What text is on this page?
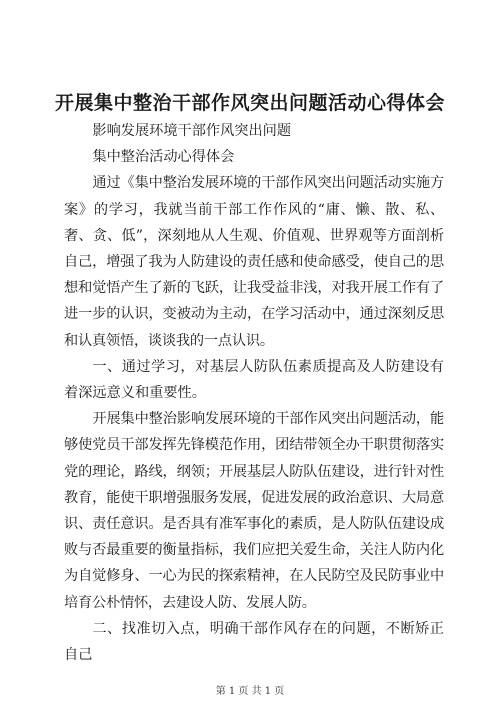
开展集中整治干部作风突出问题活动心得体会

影响发展环境干部作风突出问题

集中整治活动心得体会

通过《集中整治发展环境的干部作风突出问题活动实施方案》的学习，我就当前干部工作作风的“庸、懒、散、私、奢、贪、低”，深刻地从人生观、价值观、世界观等方面剖析自己，增强了我为人防建设的责任感和使命感受，使自己的思想和觉悟产生了新的飞跃，让我受益非浅，对我开展工作有了进一步的认识，变被动为主动，在学习活动中，通过深刻反思和认真领悟，谈谈我的一点认识。

一、通过学习，对基层人防队伍素质提高及人防建设有着深远意义和重要性。

开展集中整治影响发展环境的干部作风突出问题活动，能够使党员干部发挥先锋模范作用，团结带领全办干职贯彻落实党的理论，路线，纲领；开展基层人防队伍建设，进行针对性教育，能使干职增强服务发展，促进发展的政治意识、大局意识、责任意识。是否具有准军事化的素质，是人防队伍建设成败与否最重要的衡量指标，我们应把关爱生命，关注人防内化为自觉修身、一心为民的探索精神，在人民防空及民防事业中培育公朴情怀，去建设人防、发展人防。

二、找准切入点，明确干部作风存在的问题，不断矫正自己

第 1 页 共 1 页
